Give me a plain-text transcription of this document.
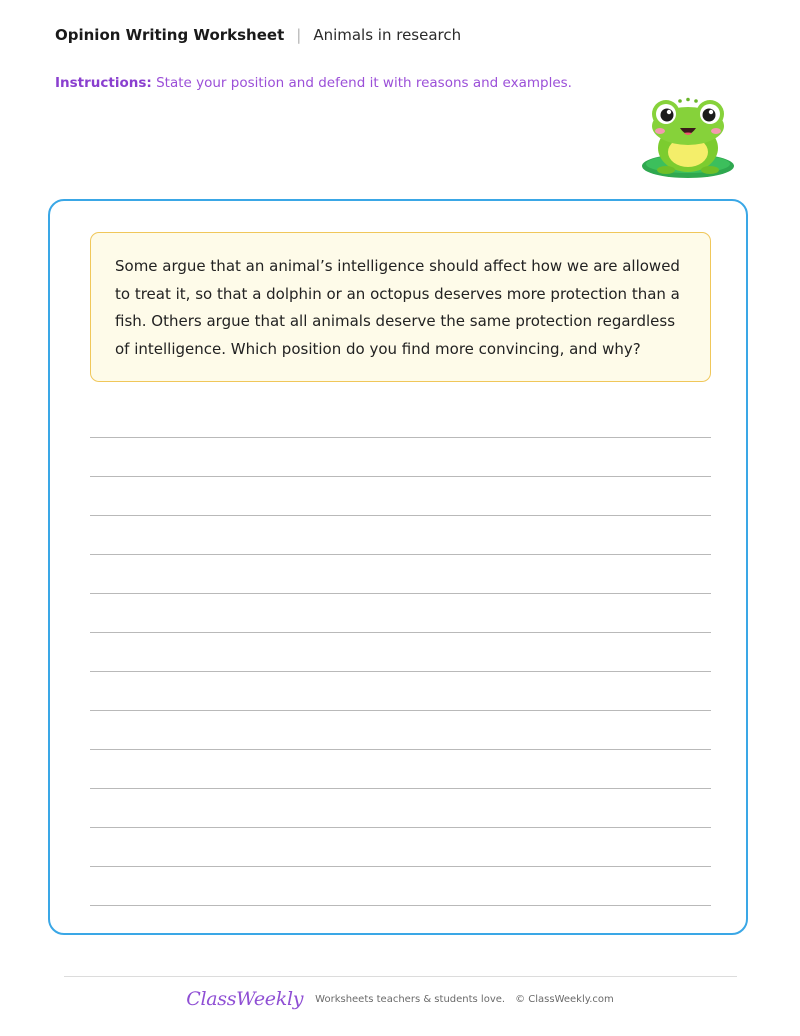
Opinion Writing Worksheet | Animals in research
Instructions: State your position and defend it with reasons and examples.
Some argue that an animal’s intelligence should affect how we are allowed to treat it, so that a dolphin or an octopus deserves more protection than a fish. Others argue that all animals deserve the same protection regardless of intelligence. Which position do you find more convincing, and why?
ClassWeekly Worksheets teachers & students love. © ClassWeekly.com
